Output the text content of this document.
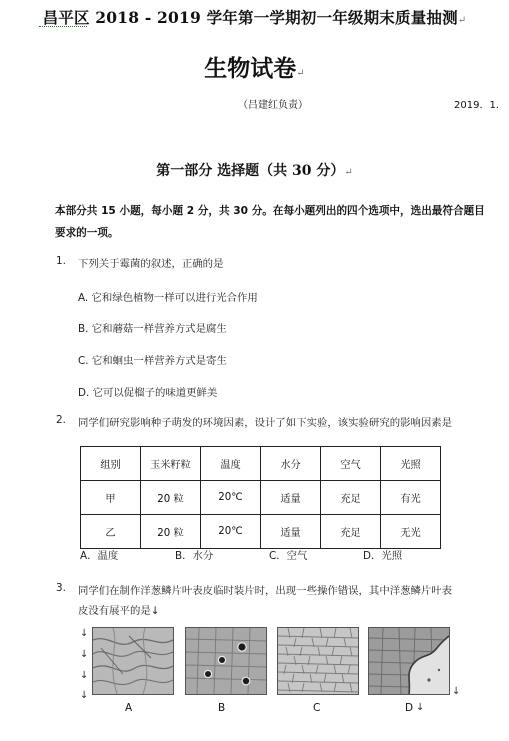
昌平区 2018 - 2019 学年第一学期初一年级期末质量抽测↵
生物试卷↵
（吕建红负责）	2019．1.
第一部分 选择题（共 30 分）↵
本部分共 15 小题，每小题 2 分，共 30 分。在每小题列出的四个选项中，选出最符合题目要求的一项。
1. 下列关于霉菌的叙述，正确的是
A. 它和绿色植物一样可以进行光合作用
B. 它和蘑菇一样营养方式是腐生
C. 它和蛔虫一样营养方式是寄生
D. 它可以促榴子的味道更鲜美
2. 同学们研究影响种子萌发的环境因素，设计了如下实验，该实验研究的影响因素是
组别	玉米籽粒	温度	水分	空气	光照
甲	20 粒	20℃	适量	充足	有光
乙	20 粒	20℃	适量	充足	无光
A．温度	B．水分	C．空气	D．光照
3. 同学们在制作洋葱鳞片叶表皮临时装片时，出现一些操作错误，其中洋葱鳞片叶表
皮没有展平的是↓
↓
↓
↓
↓	↓
A	B	C	D ↓
